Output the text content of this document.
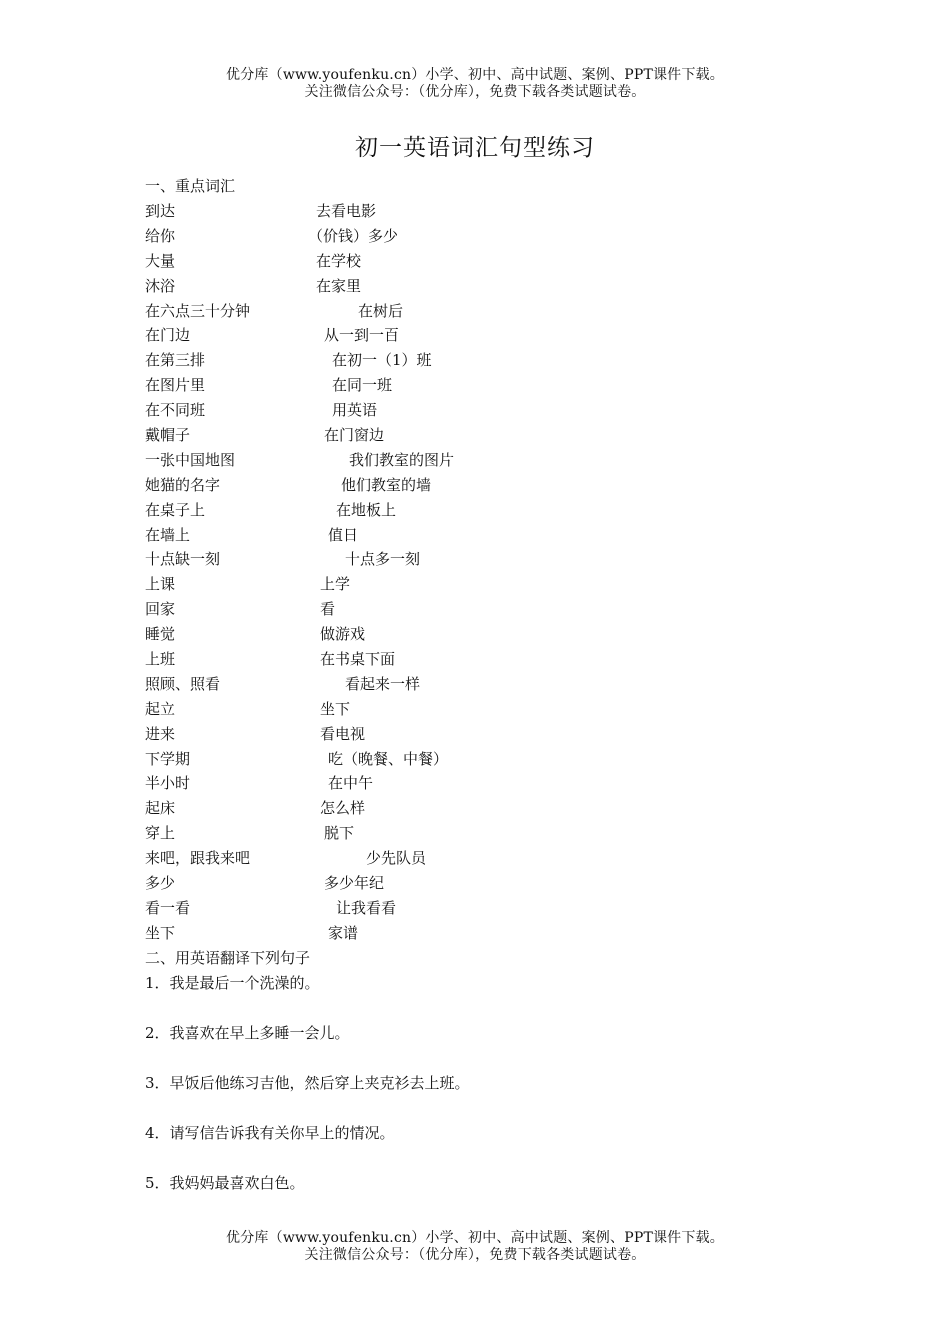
优分库（www.youfenku.cn）小学、初中、高中试题、案例、PPT课件下载。
关注微信公众号：（优分库），免费下载各类试题试卷。
初一英语词汇句型练习
一、重点词汇
到达	去看电影
给你	（价钱）多少
大量	在学校
沐浴	在家里
在六点三十分钟	在树后
在门边	从一到一百
在第三排	在初一（1）班
在图片里	在同一班
在不同班	用英语
戴帽子	在门窗边
一张中国地图	我们教室的图片
她猫的名字	他们教室的墙
在桌子上	在地板上
在墙上	值日
十点缺一刻	十点多一刻
上课	上学
回家	看
睡觉	做游戏
上班	在书桌下面
照顾、照看	看起来一样
起立	坐下
进来	看电视
下学期	吃（晚餐、中餐）
半小时	在中午
起床	怎么样
穿上	脱下
来吧，跟我来吧	少先队员
多少	多少年纪
看一看	让我看看
坐下	家谱
二、用英语翻译下列句子
1．我是最后一个洗澡的。
2．我喜欢在早上多睡一会儿。
3．早饭后他练习吉他，然后穿上夹克衫去上班。
4．请写信告诉我有关你早上的情况。
5．我妈妈最喜欢白色。
优分库（www.youfenku.cn）小学、初中、高中试题、案例、PPT课件下载。
关注微信公众号：（优分库），免费下载各类试题试卷。
